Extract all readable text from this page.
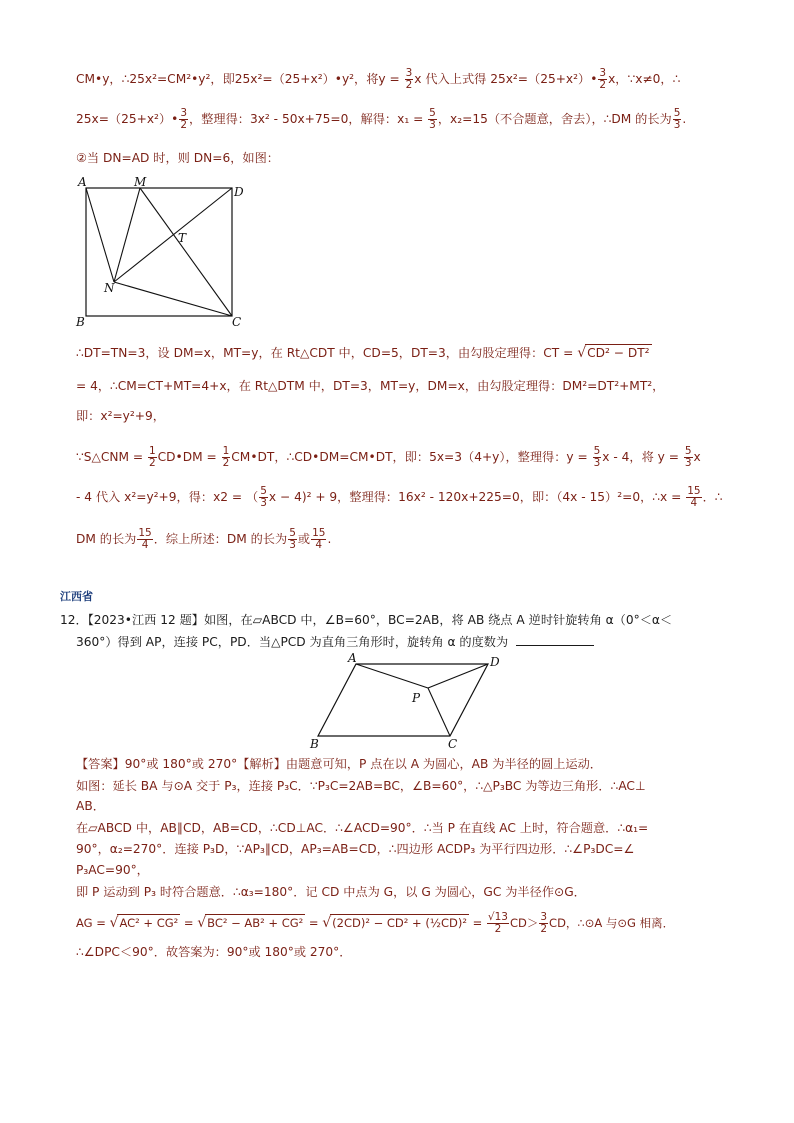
CM•y，∴25x²=CM²•y²，即25x²=（25+x²）•y²，将$y = \frac{3}{2}$ x 代入上式得 25x²=（25+x²）• $\frac{3}{2}$ x，∵x≠0，∴
25x=（25+x²）• $\frac{3}{2}$ ，整理得：3x² - 50x+75=0，解得：$x_1 = \frac{5}{3}$ ，x₂=15（不合题意，舍去），∴DM 的长为 $\frac{5}{3}$ .
②当 DN=AD 时，则 DN=6，如图：
A	M
D
T
N
B	C
∴DT=TN=3，设 DM=x，MT=y，在 Rt△CDT 中，CD=5，DT=3，由勾股定理得：CT = √CD² − DT²
= 4，∴CM=CT+MT=4+x，在 Rt△DTM 中，DT=3，MT=y，DM=x，由勾股定理得：DM²=DT²+MT²，
即：x²=y²+9，
∵S△CNM = $\frac{1}{2}$ CD•DM = $\frac{1}{2}$ CM•DT，∴CD•DM=CM•DT，即：5x=3（4+y），整理得：$y = \frac{5}{3}$ x - 4，将 $y = \frac{5}{3}$ x
- 4 代入 x²=y²+9，得：x2 = （ $\frac{5}{3}$ x − 4)² + 9，整理得：16x² - 120x+225=0，即：（4x - 15）²=0，∴x = $\frac{15}{4}$ ．∴
DM 的长为 $\frac{15}{4}$ ．综上所述：DM 的长为 $\frac{5}{3}$ 或 $\frac{15}{4}$ .
江西省
12．【2023•江西 12 题】如图，在▱ABCD 中，∠B=60°，BC=2AB，将 AB 绕点 A 逆时针旋转角 α（0°＜α＜
360°）得到 AP，连接 PC，PD．当△PCD 为直角三角形时，旋转角 α 的度数为
A	D
P
B	C
【答案】90°或 180°或 270°【解析】由题意可知，P 点在以 A 为圆心，AB 为半径的圆上运动．
如图：延长 BA 与⊙A 交于 P₃，连接 P₃C．∵P₃C=2AB=BC，∠B=60°，∴△P₃BC 为等边三角形．∴AC⊥
AB．
在▱ABCD 中，AB∥CD，AB=CD，∴CD⊥AC．∴∠ACD=90°．∴当 P 在直线 AC 上时，符合题意．∴α₁=
90°，α₂=270°．连接 P₃D，∵AP₃∥CD，AP₃=AB=CD，∴四边形 ACDP₃ 为平行四边形．∴∠P₃DC=∠
P₃AC=90°，
即 P 运动到 P₃ 时符合题意．∴α₃=180°．记 CD 中点为 G，以 G 为圆心，GC 为半径作⊙G．
AG = √AC² + CG² = √BC² − AB² + CG² = √(2CD)² − CD² + (½CD)² = $\frac{√13}{2} CD> \frac{3}{2}$ CD，∴⊙A 与⊙G 相离．
∴∠DPC＜90°．故答案为：90°或 180°或 270°．
